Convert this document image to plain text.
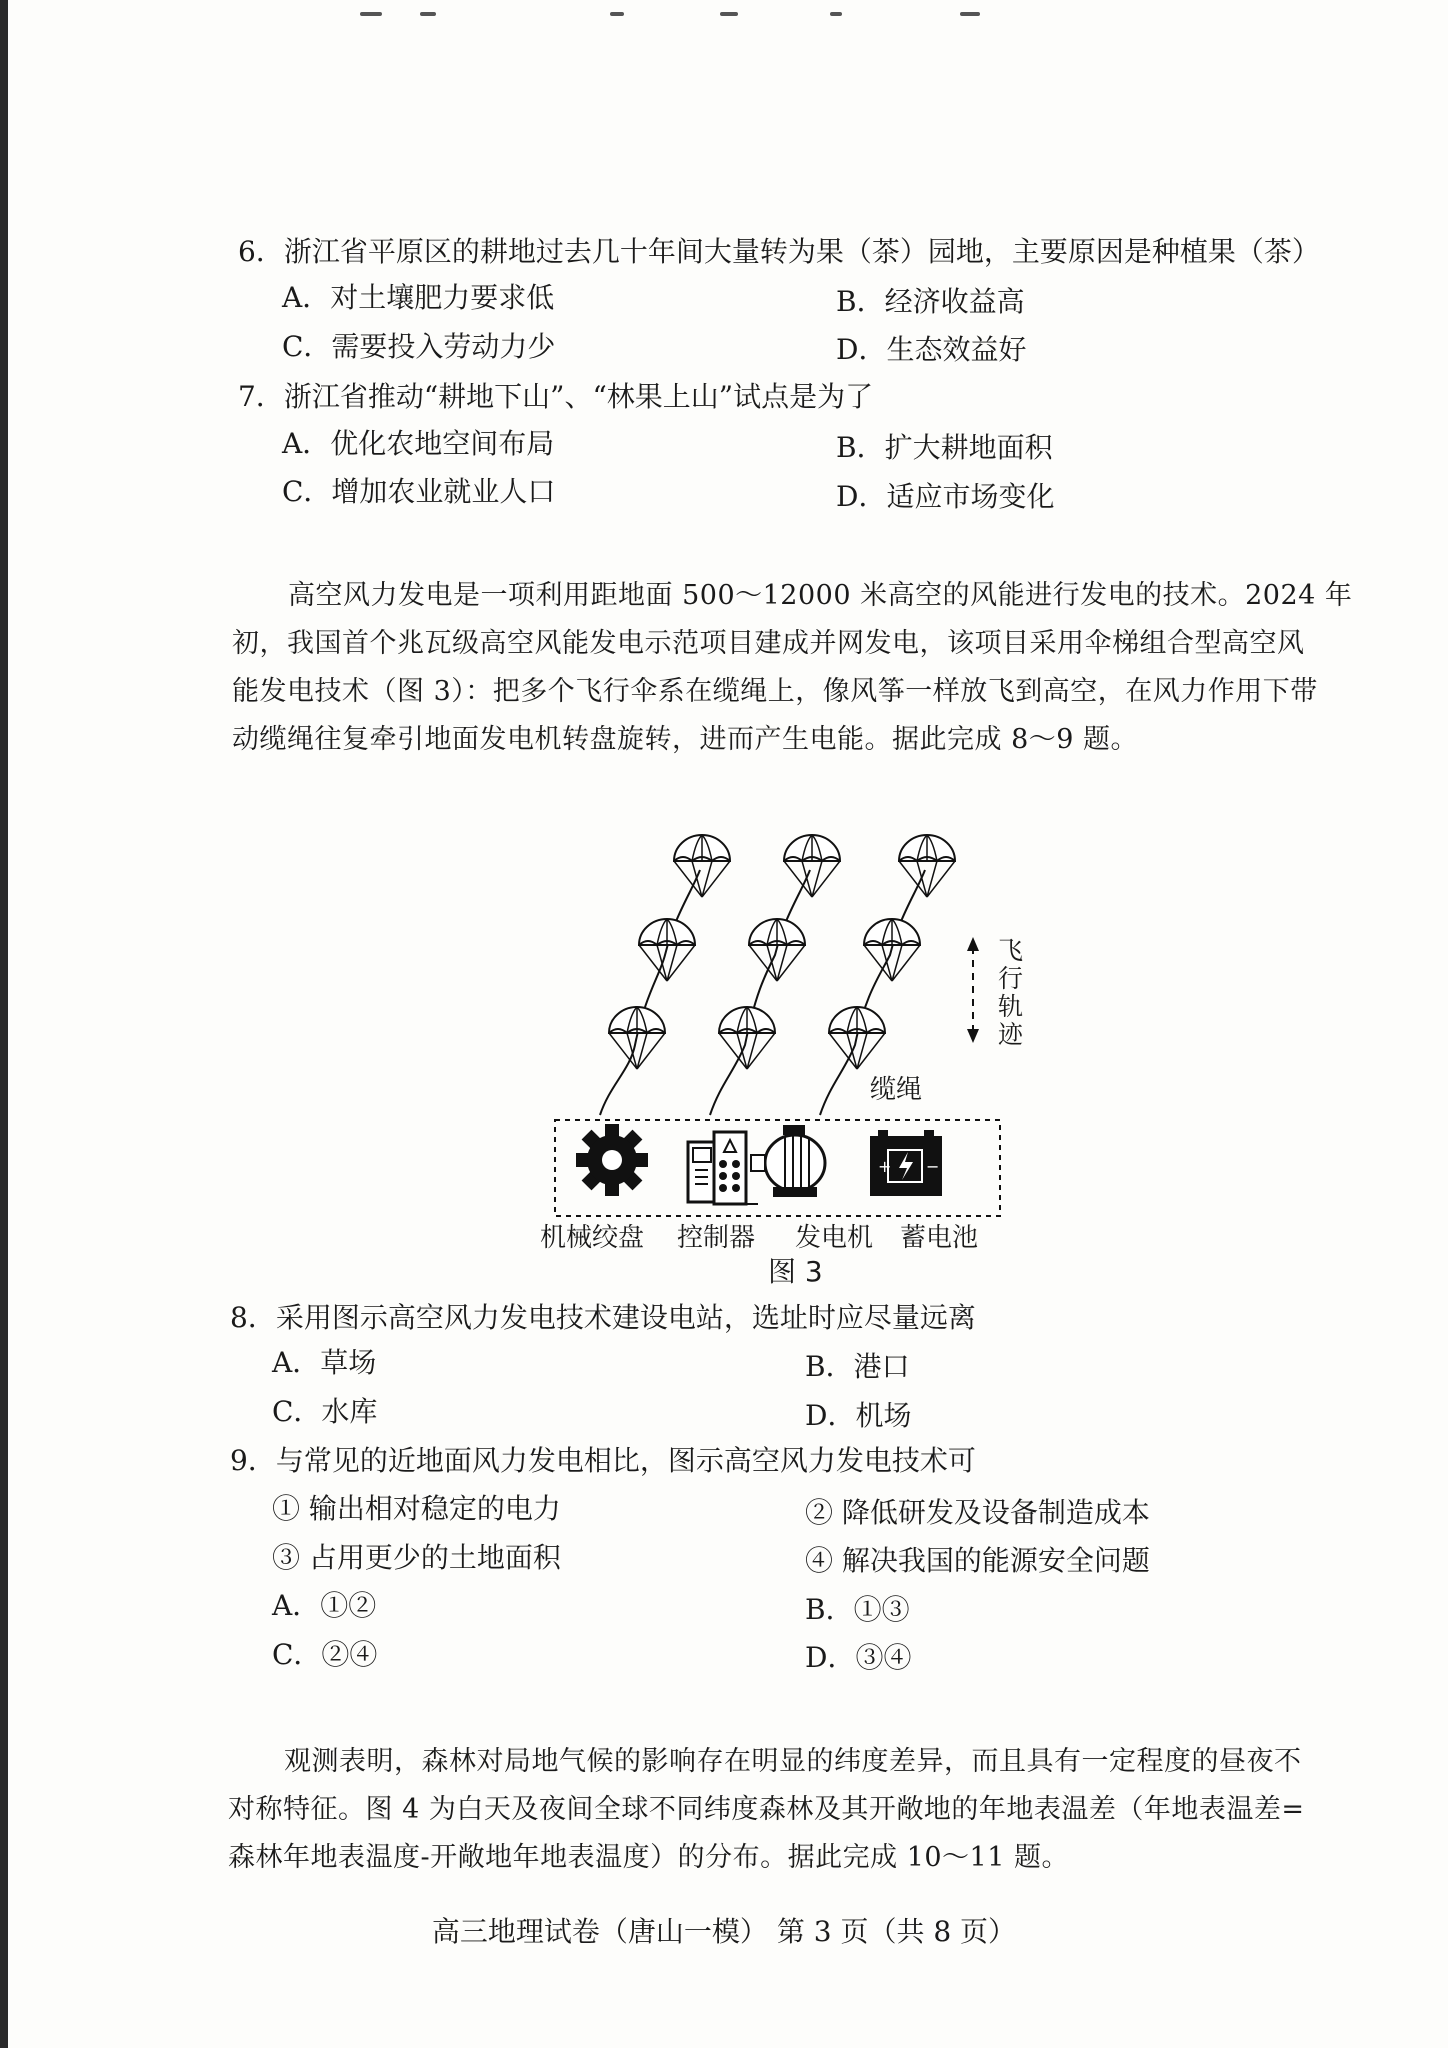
6．浙江省平原区的耕地过去几十年间大量转为果（茶）园地，主要原因是种植果（茶）
A．对土壤肥力要求低	B．经济收益高
C．需要投入劳动力少	D．生态效益好
7．浙江省推动“耕地下山”、“林果上山”试点是为了
A．优化农地空间布局	B．扩大耕地面积
C．增加农业就业人口	D．适应市场变化
高空风力发电是一项利用距地面 500～12000 米高空的风能进行发电的技术。2024 年
初，我国首个兆瓦级高空风能发电示范项目建成并网发电，该项目采用伞梯组合型高空风
能发电技术（图 3）：把多个飞行伞系在缆绳上，像风筝一样放飞到高空，在风力作用下带
动缆绳往复牵引地面发电机转盘旋转，进而产生电能。据此完成 8～9 题。
+ −
飞行轨迹
缆绳
机械绞盘 控制器 发电机 蓄电池
图 3
8．采用图示高空风力发电技术建设电站，选址时应尽量远离
A．草场	B．港口
C．水库	D．机场
9．与常见的近地面风力发电相比，图示高空风力发电技术可
① 输出相对稳定的电力	② 降低研发及设备制造成本
③ 占用更少的土地面积	④ 解决我国的能源安全问题
A．①②	B．①③
C．②④	D．③④
观测表明，森林对局地气候的影响存在明显的纬度差异，而且具有一定程度的昼夜不
对称特征。图 4 为白天及夜间全球不同纬度森林及其开敞地的年地表温差（年地表温差=
森林年地表温度-开敞地年地表温度）的分布。据此完成 10～11 题。
高三地理试卷（唐山一模） 第 3 页（共 8 页）
